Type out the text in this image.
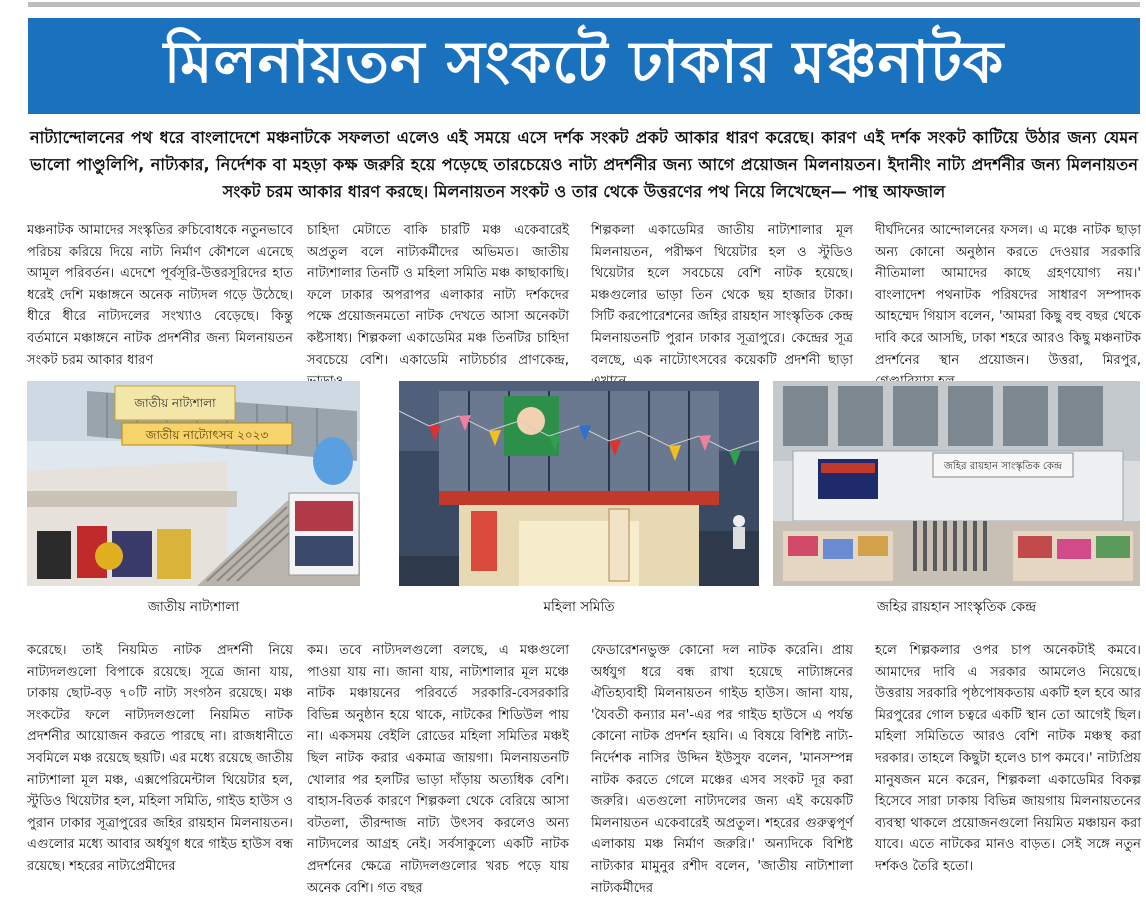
মিলনায়তন সংকটে ঢাকার মঞ্চনাটক

নাট্যান্দোলনের পথ ধরে বাংলাদেশে মঞ্চনাটকে সফলতা এলেও এই সময়ে এসে দর্শক সংকট প্রকট আকার ধারণ করেছে। কারণ এই দর্শক সংকট কাটিয়ে উঠার জন্য যেমন ভালো পাণ্ডুলিপি, নাট্যকার, নির্দেশক বা মহড়া কক্ষ জরুরি হয়ে পড়েছে তারচেয়েও নাট্য প্রদর্শনীর জন্য আগে প্রয়োজন মিলনায়তন। ইদানীং নাট্য প্রদর্শনীর জন্য মিলনায়তন সংকট চরম আকার ধারণ করছে। মিলনায়তন সংকট ও তার থেকে উত্তরণের পথ নিয়ে লিখেছেন— পান্থ আফজাল

মঞ্চনাটক আমাদের সংস্কৃতির রুচিবোধকে নতুনভাবে পরিচয় করিয়ে দিয়ে নাট্য নির্মাণ কৌশলে এনেছে আমূল পরিবর্তন। এদেশে পূর্বসূরি-উত্তরসূরিদের হাত ধরেই দেশি মঞ্চাঙ্গনে অনেক নাট্যদল গড়ে উঠেছে। ধীরে ধীরে নাট্যদলের সংখ্যাও বেড়েছে। কিন্তু বর্তমানে মঞ্চাঙ্গনে নাটক প্রদর্শনীর জন্য মিলনায়তন সংকট চরম আকার ধারণ

চাহিদা মেটাতে বাকি চারটি মঞ্চ একেবারেই অপ্রতুল বলে নাট্যকর্মীদের অভিমত। জাতীয় নাট্যশালার তিনটি ও মহিলা সমিতি মঞ্চ কাছাকাছি। ফলে ঢাকার অপরাপর এলাকার নাট্য দর্শকদের পক্ষে প্রয়োজনমতো নাটক দেখতে আসা অনেকটা কষ্টসাধ্য। শিল্পকলা একাডেমির মঞ্চ তিনটির চাহিদা সবচেয়ে বেশি। একাডেমি নাট্যচর্চার প্রাণকেন্দ্র,

শিল্পকলা একাডেমির জাতীয় নাট্যশালার মূল মিলনায়তন, পরীক্ষণ থিয়েটার হল ও স্টুডিও থিয়েটার হলে সবচেয়ে বেশি নাটক হয়েছে। মঞ্চগুলোর ভাড়া তিন থেকে ছয় হাজার টাকা। সিটি করপোরেশনের জহির রায়হান সাংস্কৃতিক কেন্দ্র মিলনায়তনটি পুরান ঢাকার সূত্রাপুরে। কেন্দ্রের সূত্র বলছে, এক নাট্যোৎসবের কয়েকটি প্রদর্শনী ছাড়া

দীর্ঘদিনের আন্দোলনের ফসল। এ মঞ্চে নাটক ছাড়া অন্য কোনো অনুষ্ঠান করতে দেওয়ার সরকারি নীতিমালা আমাদের কাছে গ্রহণযোগ্য নয়।' বাংলাদেশ পথনাটক পরিষদের সাধারণ সম্পাদক আহম্মেদ গিয়াস বলেন, 'আমরা কিছু বহু বছর থেকে দাবি করে আসছি, ঢাকা শহরে আরও কিছু মঞ্চনাটক প্রদর্শনের স্থান প্রয়োজন। উত্তরা, মিরপুর,

জাতীয় নাট্যশালা
জাতীয় নাট্যোৎসব ২০২৩
জহির রায়হান সাংস্কৃতিক কেন্দ্র

জাতীয় নাট্যশালা	মহিলা সমিতি	জহির রায়হান সাংস্কৃতিক কেন্দ্র

করেছে। তাই নিয়মিত নাটক প্রদর্শনী নিয়ে নাট্যদলগুলো বিপাকে রয়েছে। সূত্রে জানা যায়, ঢাকায় ছোট-বড় ৭০টি নাট্য সংগঠন রয়েছে। মঞ্চ সংকটের ফলে নাট্যদলগুলো নিয়মিত নাটক প্রদর্শনীর আয়োজন করতে পারছে না। রাজধানীতে সবমিলে মঞ্চ রয়েছে ছয়টি। এর মধ্যে রয়েছে জাতীয় নাট্যশালা মূল মঞ্চ, এক্সপেরিমেন্টাল থিয়েটার হল, স্টুডিও থিয়েটার হল, মহিলা সমিতি, গাইড হাউস ও পুরান ঢাকার সূত্রাপুরের জহির রায়হান মিলনায়তন। এগুলোর মধ্যে আবার অর্ধযুগ ধরে গাইড হাউস বন্ধ রয়েছে। শহরের নাট্যপ্রেমীদের

কম। তবে নাট্যদলগুলো বলছে, এ মঞ্চগুলো পাওয়া যায় না। জানা যায়, নাট্যশালার মূল মঞ্চে নাটক মঞ্চায়নের পরিবর্তে সরকারি-বেসরকারি বিভিন্ন অনুষ্ঠান হয়ে থাকে, নাটকের শিডিউল পায় না। একসময় বেইলি রোডের মহিলা সমিতির মঞ্চই ছিল নাটক করার একমাত্র জায়গা। মিলনায়তনটি খোলার পর হলটির ভাড়া দাঁড়ায় অত্যধিক বেশি। বাহাস-বিতর্ক কারণে শিল্পকলা থেকে বেরিয়ে আসা বটতলা, তীরন্দাজ নাট্য উৎসব করলেও অন্য নাট্যদলের আগ্রহ নেই। সর্বসাকুল্যে একটি নাটক প্রদর্শনের ক্ষেত্রে নাট্যদলগুলোর খরচ পড়ে যায় অনেক বেশি। গত বছর

ফেডারেশনভুক্ত কোনো দল নাটক করেনি। প্রায় অর্ধযুগ ধরে বন্ধ রাখা হয়েছে নাট্যাঙ্গনের ঐতিহ্যবাহী মিলনায়তন গাইড হাউস। জানা যায়, 'যৈবতী কন্যার মন'-এর পর গাইড হাউসে এ পর্যন্ত কোনো নাটক প্রদর্শন হয়নি। এ বিষয়ে বিশিষ্ট নাট্য-নির্দেশক নাসির উদ্দিন ইউসুফ বলেন, 'মানসম্পন্ন নাটক করতে গেলে মঞ্চের এসব সংকট দূর করা জরুরি। এতগুলো নাট্যদলের জন্য এই কয়েকটি মিলনায়তন একেবারেই অপ্রতুল। শহরের গুরুত্বপূর্ণ এলাকায় মঞ্চ নির্মাণ জরুরি।' অন্যদিকে বিশিষ্ট নাট্যকার মামুনুর রশীদ বলেন, 'জাতীয় নাট্যশালা নাট্যকর্মীদের

হলে শিল্পকলার ওপর চাপ অনেকটাই কমবে। আমাদের দাবি এ সরকার আমলেও নিয়েছে। উত্তরায় সরকারি পৃষ্ঠপোষকতায় একটি হল হবে আর মিরপুরের গোল চত্বরে একটি স্থান তো আগেই ছিল। মহিলা সমিতিতে আরও বেশি নাটক মঞ্চস্থ করা দরকার। তাহলে কিছুটা হলেও চাপ কমবে।' নাট্যপ্রিয় মানুষজন মনে করেন, শিল্পকলা একাডেমির বিকল্প হিসেবে সারা ঢাকায় বিভিন্ন জায়গায় মিলনায়তনের ব্যবস্থা থাকলে প্রয়োজনগুলো নিয়মিত মঞ্চায়ন করা যাবে। এতে নাটকের মানও বাড়ত। সেই সঙ্গে নতুন দর্শকও তৈরি হতো।
